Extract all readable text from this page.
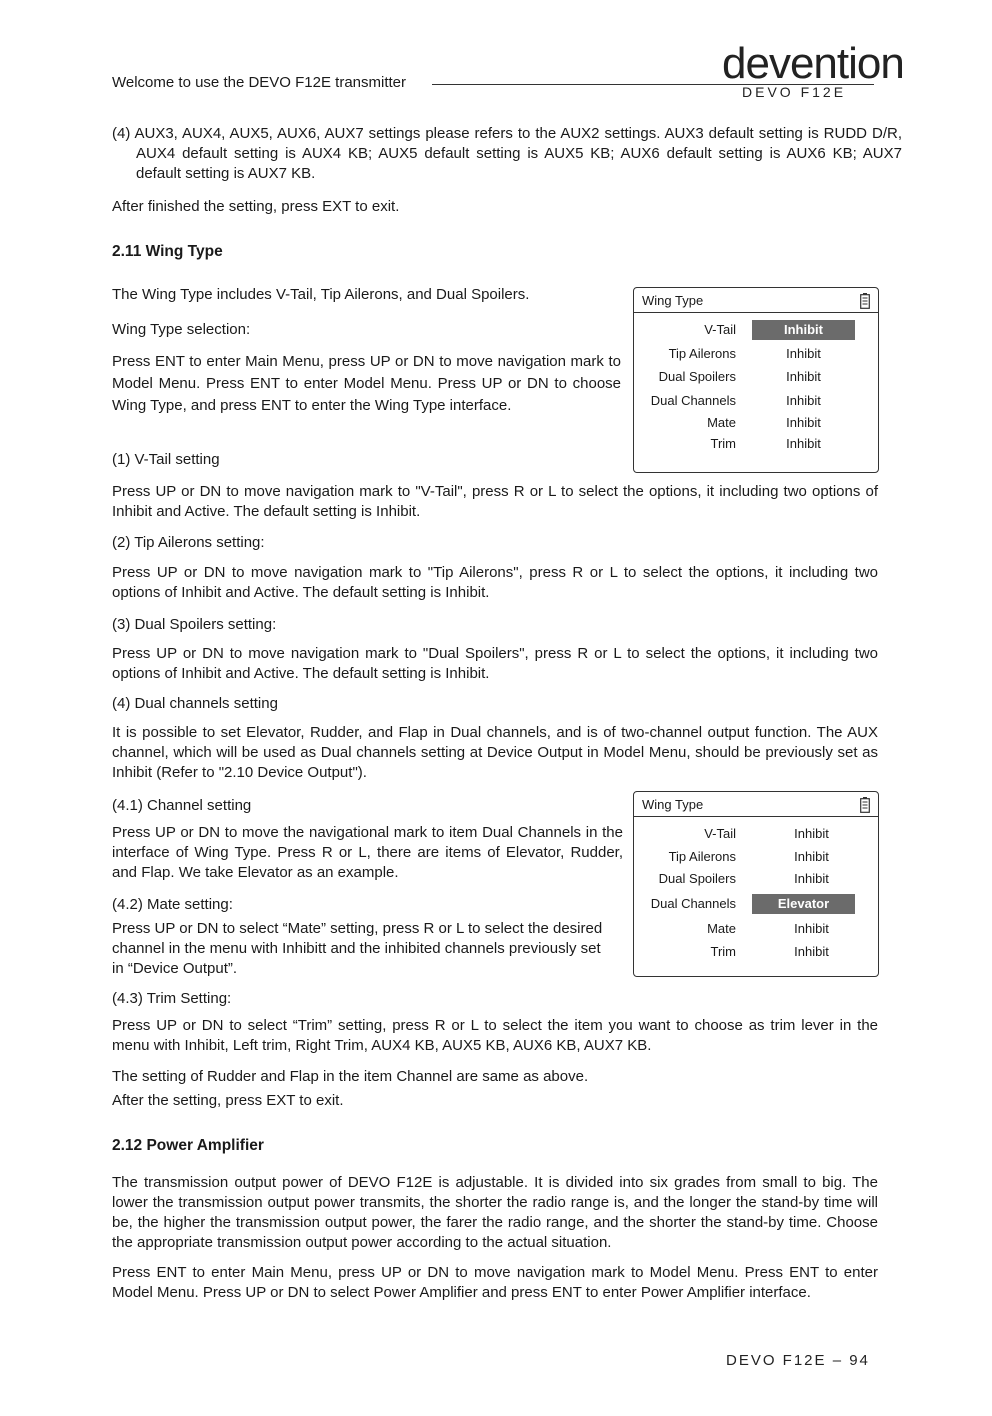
Welcome to use the DEVO F12E transmitter	devention
DEVO F12E

(4) AUX3, AUX4, AUX5, AUX6, AUX7 settings please refers to the AUX2 settings. AUX3 default setting is RUDD D/R, AUX4 default setting is AUX4 KB; AUX5 default setting is AUX5 KB; AUX6 default setting is AUX6 KB; AUX7 default setting is AUX7 KB.

After finished the setting, press EXT to exit.

2.11 Wing Type

The Wing Type includes V-Tail, Tip Ailerons, and Dual Spoilers.

Wing Type selection:

Press ENT to enter Main Menu, press UP or DN to move navigation mark to Model Menu. Press ENT to enter Model Menu. Press UP or DN to choose Wing Type, and press ENT to enter the Wing Type interface.

Wing Type
V-Tail	Inhibit
Tip Ailerons	Inhibit
Dual Spoilers	Inhibit
Dual Channels	Inhibit
Mate	Inhibit
Trim	Inhibit

(1) V-Tail setting

Press UP or DN to move navigation mark to "V-Tail", press R or L to select the options, it including two options of Inhibit and Active. The default setting is Inhibit.

(2) Tip Ailerons setting:

Press UP or DN to move navigation mark to "Tip Ailerons", press R or L to select the options, it including two options of Inhibit and Active. The default setting is Inhibit.

(3) Dual Spoilers setting:

Press UP or DN to move navigation mark to "Dual Spoilers", press R or L to select the options, it including two options of Inhibit and Active. The default setting is Inhibit.

(4) Dual channels setting

It is possible to set Elevator, Rudder, and Flap in Dual channels, and is of two-channel output function. The AUX channel, which will be used as Dual channels setting at Device Output in Model Menu, should be previously set as Inhibit (Refer to "2.10 Device Output").

(4.1) Channel setting

Press UP or DN to move the navigational mark to item Dual Channels in the interface of Wing Type. Press R or L, there are items of Elevator, Rudder, and Flap. We take Elevator as an example.

(4.2) Mate setting:

Press UP or DN to select “Mate” setting, press R or L to select the desired channel in the menu with Inhibitt and the inhibited channels previously set in “Device Output”.

Wing Type
V-Tail	Inhibit
Tip Ailerons	Inhibit
Dual Spoilers	Inhibit
Dual Channels	Elevator
Mate	Inhibit
Trim	Inhibit

(4.3) Trim Setting:

Press UP or DN to select “Trim” setting, press R or L to select the item you want to choose as trim lever in the menu with Inhibit, Left trim, Right Trim, AUX4 KB, AUX5 KB, AUX6 KB, AUX7 KB.

The setting of Rudder and Flap in the item Channel are same as above.

After the setting, press EXT to exit.

2.12 Power Amplifier

The transmission output power of DEVO F12E is adjustable. It is divided into six grades from small to big. The lower the transmission output power transmits, the shorter the radio range is, and the longer the stand-by time will be, the higher the transmission output power, the farer the radio range, and the shorter the stand-by time. Choose the appropriate transmission output power according to the actual situation.

Press ENT to enter Main Menu, press UP or DN to move navigation mark to Model Menu. Press ENT to enter Model Menu. Press UP or DN to select Power Amplifier and press ENT to enter Power Amplifier interface.

DEVO F12E – 94
